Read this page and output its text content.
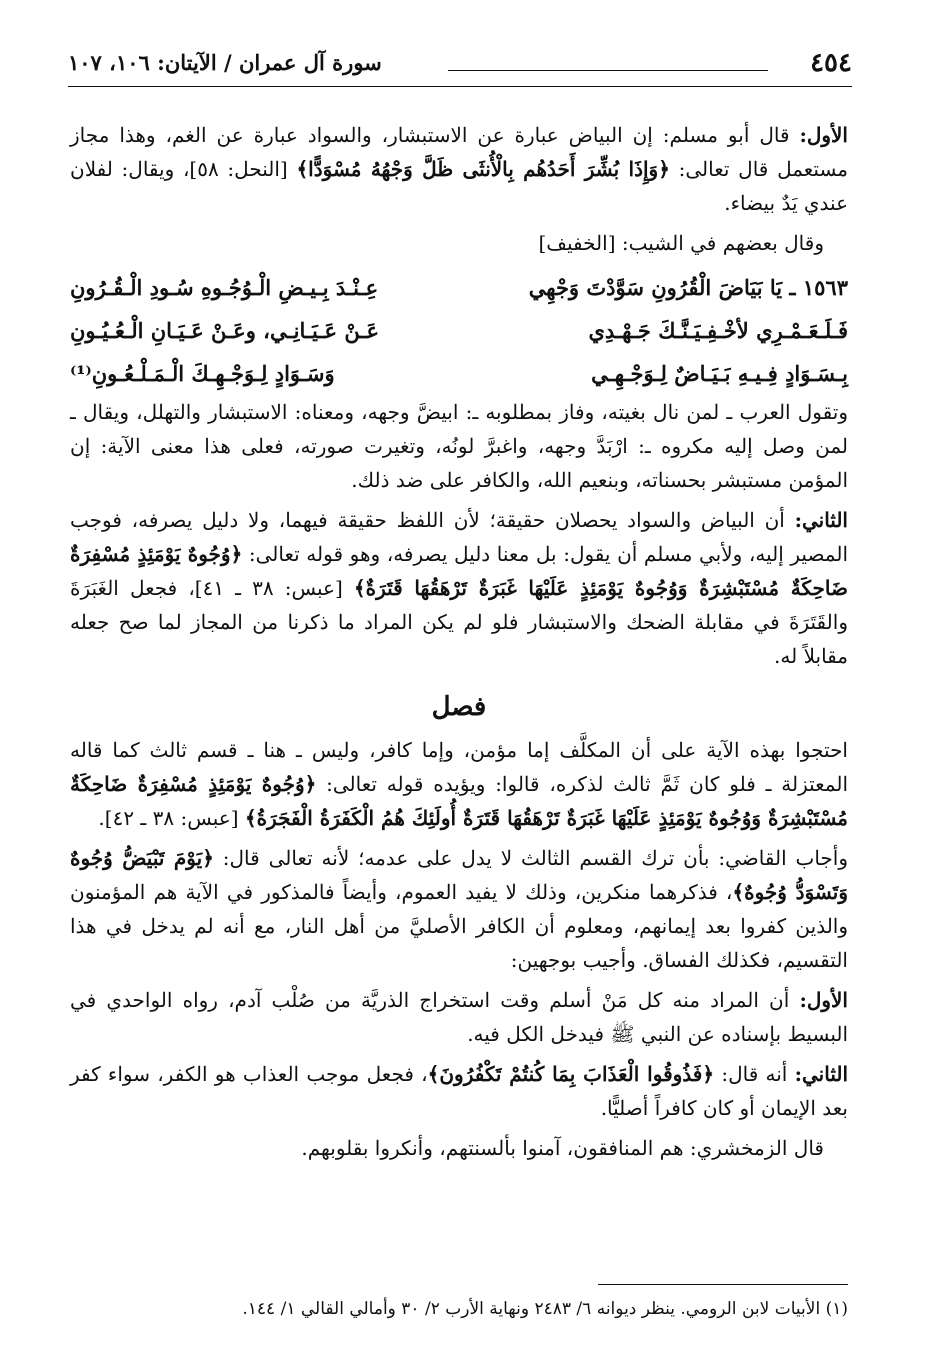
٤٥٤
سورة آل عمران / الآيتان: ١٠٦، ١٠٧

الأول: قال أبو مسلم: إن البياض عبارة عن الاستبشار، والسواد عبارة عن الغم، وهذا مجاز مستعمل قال تعالى: ﴿وَإِذَا بُشِّرَ أَحَدُهُم بِالْأُنثَى ظَلَّ وَجْهُهُ مُسْوَدًّا﴾ [النحل: ٥٨]، ويقال: لفلان عندي يَدٌ بيضاء.

وقال بعضهم في الشيب: [الخفيف]

١٥٦٣ ـ يَا بَيَاضَ الْقُرُونِ سَوَّدْتَ وَجْهِي
عِـنْـدَ بِـيـضِ الْـوُجُـوهِ سُـودِ الْـقُـرُونِ
فَـلَـعَـمْـرِي لأخْـفِـيَـنَّـكَ جَـهْـدِي
عَـنْ عَـيَـانِـي، وعَـنْ عَـيَـانِ الْـعُـيُـونِ
بِـسَـوَادٍ فِـيـهِ بَـيَـاضٌ لِـوَجْـهِـي
وَسَـوَادٍ لِـوَجْـهِـكَ الْـمَـلْـعُـونِ⁽¹⁾

وتقول العرب ـ لمن نال بغيته، وفاز بمطلوبه ـ: ابيضَّ وجهه، ومعناه: الاستبشار والتهلل، ويقال ـ لمن وصل إليه مكروه ـ: ارْبَدَّ وجهه، واغبرَّ لونُه، وتغيرت صورته، فعلى هذا معنى الآية: إن المؤمن مستبشر بحسناته، وبنعيم الله، والكافر على ضد ذلك.

الثاني: أن البياض والسواد يحصلان حقيقة؛ لأن اللفظ حقيقة فيهما، ولا دليل يصرفه، فوجب المصير إليه، ولأبي مسلم أن يقول: بل معنا دليل يصرفه، وهو قوله تعالى: ﴿وُجُوهٌ يَوْمَئِذٍ مُسْفِرَةٌ ضَاحِكَةٌ مُسْتَبْشِرَةٌ وَوُجُوهٌ يَوْمَئِذٍ عَلَيْهَا غَبَرَةٌ تَرْهَقُهَا قَتَرَةٌ﴾ [عبس: ٣٨ ـ ٤١]، فجعل الغَبَرَةَ والقَتَرَةَ في مقابلة الضحك والاستبشار فلو لم يكن المراد ما ذكرنا من المجاز لما صح جعله مقابلاً له.

فصل

احتجوا بهذه الآية على أن المكلَّف إما مؤمن، وإما كافر، وليس ـ هنا ـ قسم ثالث كما قاله المعتزلة ـ فلو كان ثَمَّ ثالث لذكره، قالوا: ويؤيده قوله تعالى: ﴿وُجُوهٌ يَوْمَئِذٍ مُسْفِرَةٌ ضَاحِكَةٌ مُسْتَبْشِرَةٌ وَوُجُوهٌ يَوْمَئِذٍ عَلَيْهَا غَبَرَةٌ تَرْهَقُهَا قَتَرَةٌ أُولَئِكَ هُمُ الْكَفَرَةُ الْفَجَرَةُ﴾ [عبس: ٣٨ ـ ٤٢].

وأجاب القاضي: بأن ترك القسم الثالث لا يدل على عدمه؛ لأنه تعالى قال: ﴿يَوْمَ تَبْيَضُّ وُجُوهٌ وَتَسْوَدُّ وُجُوهٌ﴾، فذكرهما منكرين، وذلك لا يفيد العموم، وأيضاً فالمذكور في الآية هم المؤمنون والذين كفروا بعد إيمانهم، ومعلوم أن الكافر الأصليَّ من أهل النار، مع أنه لم يدخل في هذا التقسيم، فكذلك الفساق. وأجيب بوجهين:

الأول: أن المراد منه كل مَنْ أسلم وقت استخراج الذريَّة من صُلْب آدم، رواه الواحدي في البسيط بإسناده عن النبي ﷺ فيدخل الكل فيه.

الثاني: أنه قال: ﴿فَذُوقُوا الْعَذَابَ بِمَا كُنتُمْ تَكْفُرُونَ﴾، فجعل موجب العذاب هو الكفر، سواء كفر بعد الإيمان أو كان كافراً أصليًّا.

قال الزمخشري: هم المنافقون، آمنوا بألسنتهم، وأنكروا بقلوبهم.

(١) الأبيات لابن الرومي. ينظر ديوانه ٦/ ٢٤٨٣ ونهاية الأرب ٢/ ٣٠ وأمالي القالي ١/ ١٤٤.
